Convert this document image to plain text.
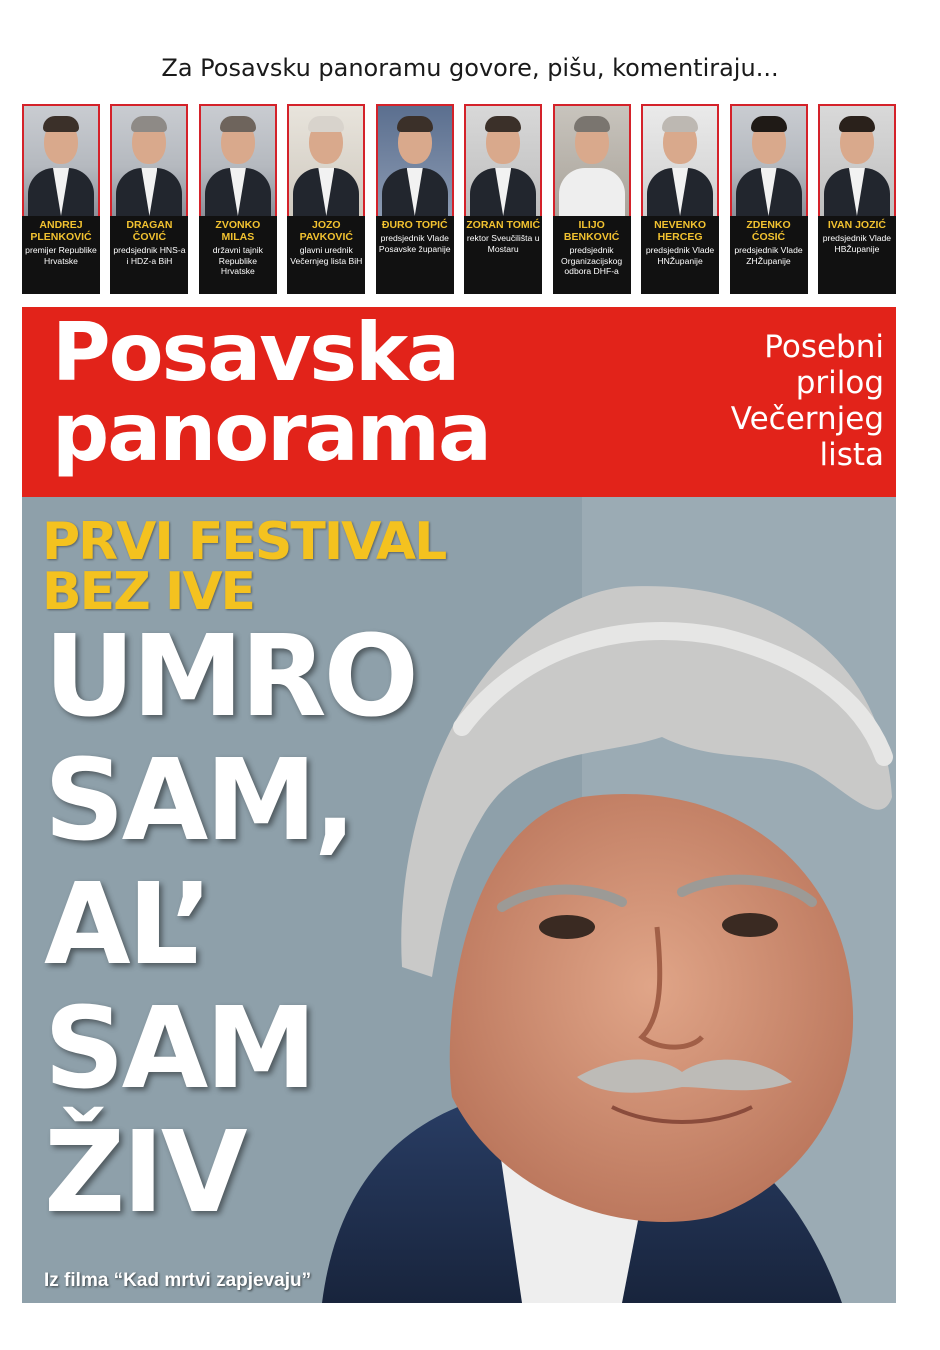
Za Posavsku panoramu govore, pišu, komentiraju...
ANDREJ PLENKOVIĆ
premijer Republike Hrvatske
DRAGAN ČOVIĆ
predsjednik HNS-a i HDZ-a BiH
ZVONKO MILAS
državni tajnik Republike Hrvatske
JOZO PAVKOVIĆ
glavni urednik Večernjeg lista BiH
ĐURO TOPIĆ
predsjednik Vlade Posavske županije
ZORAN TOMIĆ
rektor Sveučilišta u Mostaru
ILIJO BENKOVIĆ
predsjednik Organizacijskog odbora DHF-a
NEVENKO HERCEG
predsjednik Vlade HNŽupanije
ZDENKO ĆOSIĆ
predsjednik Vlade ZHŽupanije
IVAN JOZIĆ
predsjednik Vlade HBŽupanije
Posavska
panorama
Posebni
prilog
Večernjeg
lista
PRVI FESTIVAL
BEZ IVE
UMRO
SAM,
AL’
SAM
ŽIV
Iz filma “Kad mrtvi zapjevaju”
